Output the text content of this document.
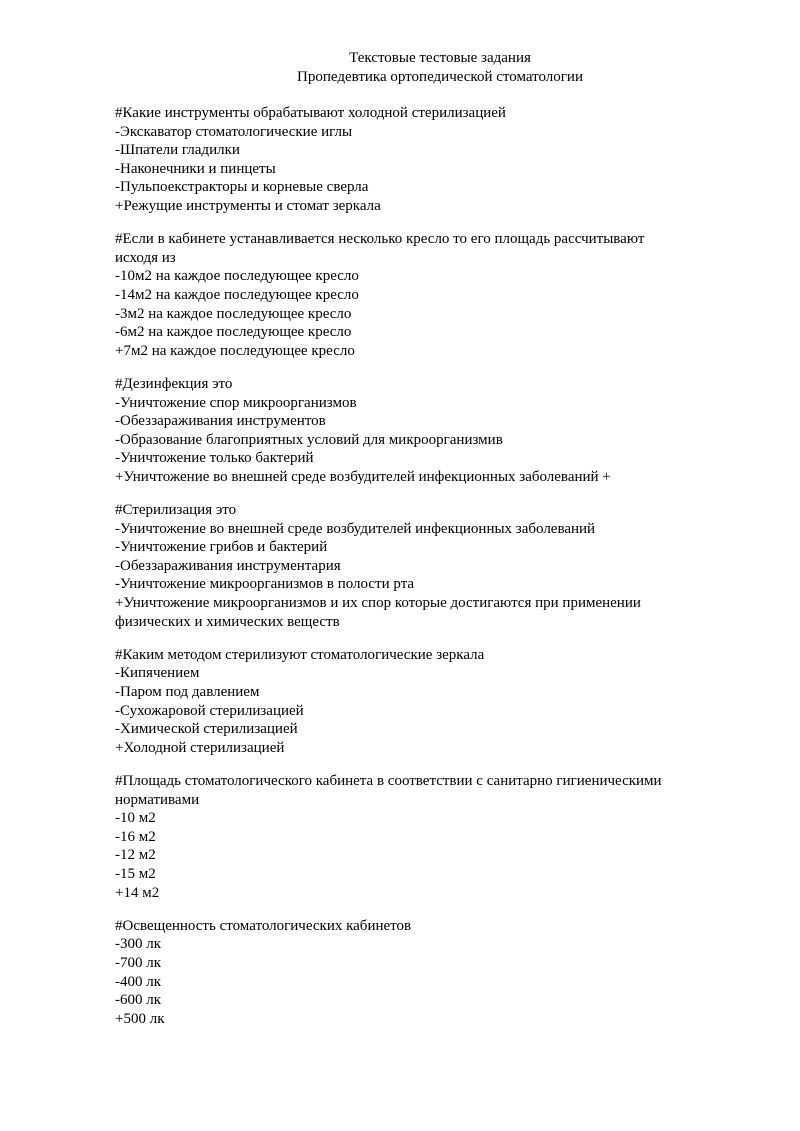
Текстовые тестовые задания
Пропедевтика ортопедической стоматологии
#Какие инструменты обрабатывают холодной стерилизацией
-Экскаватор стоматологические иглы
-Шпатели гладилки
-Наконечники и пинцеты
-Пульпоекстракторы и корневые сверла
+Режущие инструменты и стомат зеркала
#Если в кабинете устанавливается несколько кресло то его площадь рассчитывают
исходя из
-10м2 на каждое последующее кресло
-14м2 на каждое последующее кресло
-3м2 на каждое последующее кресло
-6м2 на каждое последующее кресло
+7м2 на каждое последующее кресло
#Дезинфекция это
-Уничтожение спор микроорганизмов
-Обеззараживания инструментов
-Образование благоприятных условий для микроорганизмив
-Уничтожение только бактерий
+Уничтожение во внешней среде возбудителей инфекционных заболеваний +
#Стерилизация это
-Уничтожение во внешней среде возбудителей инфекционных заболеваний
-Уничтожение грибов и бактерий
-Обеззараживания инструментария
-Уничтожение микроорганизмов в полости рта
+Уничтожение микроорганизмов и их спор которые достигаются при применении
физических и химических веществ
#Каким методом стерилизуют стоматологические зеркала
-Кипячением
-Паром под давлением
-Сухожаровой стерилизацией
-Химической стерилизацией
+Холодной стерилизацией
#Площадь стоматологического кабинета в соответствии с санитарно гигиеническими
нормативами
-10 м2
-16 м2
-12 м2
-15 м2
+14 м2
#Освещенность стоматологических кабинетов
-300 лк
-700 лк
-400 лк
-600 лк
+500 лк
